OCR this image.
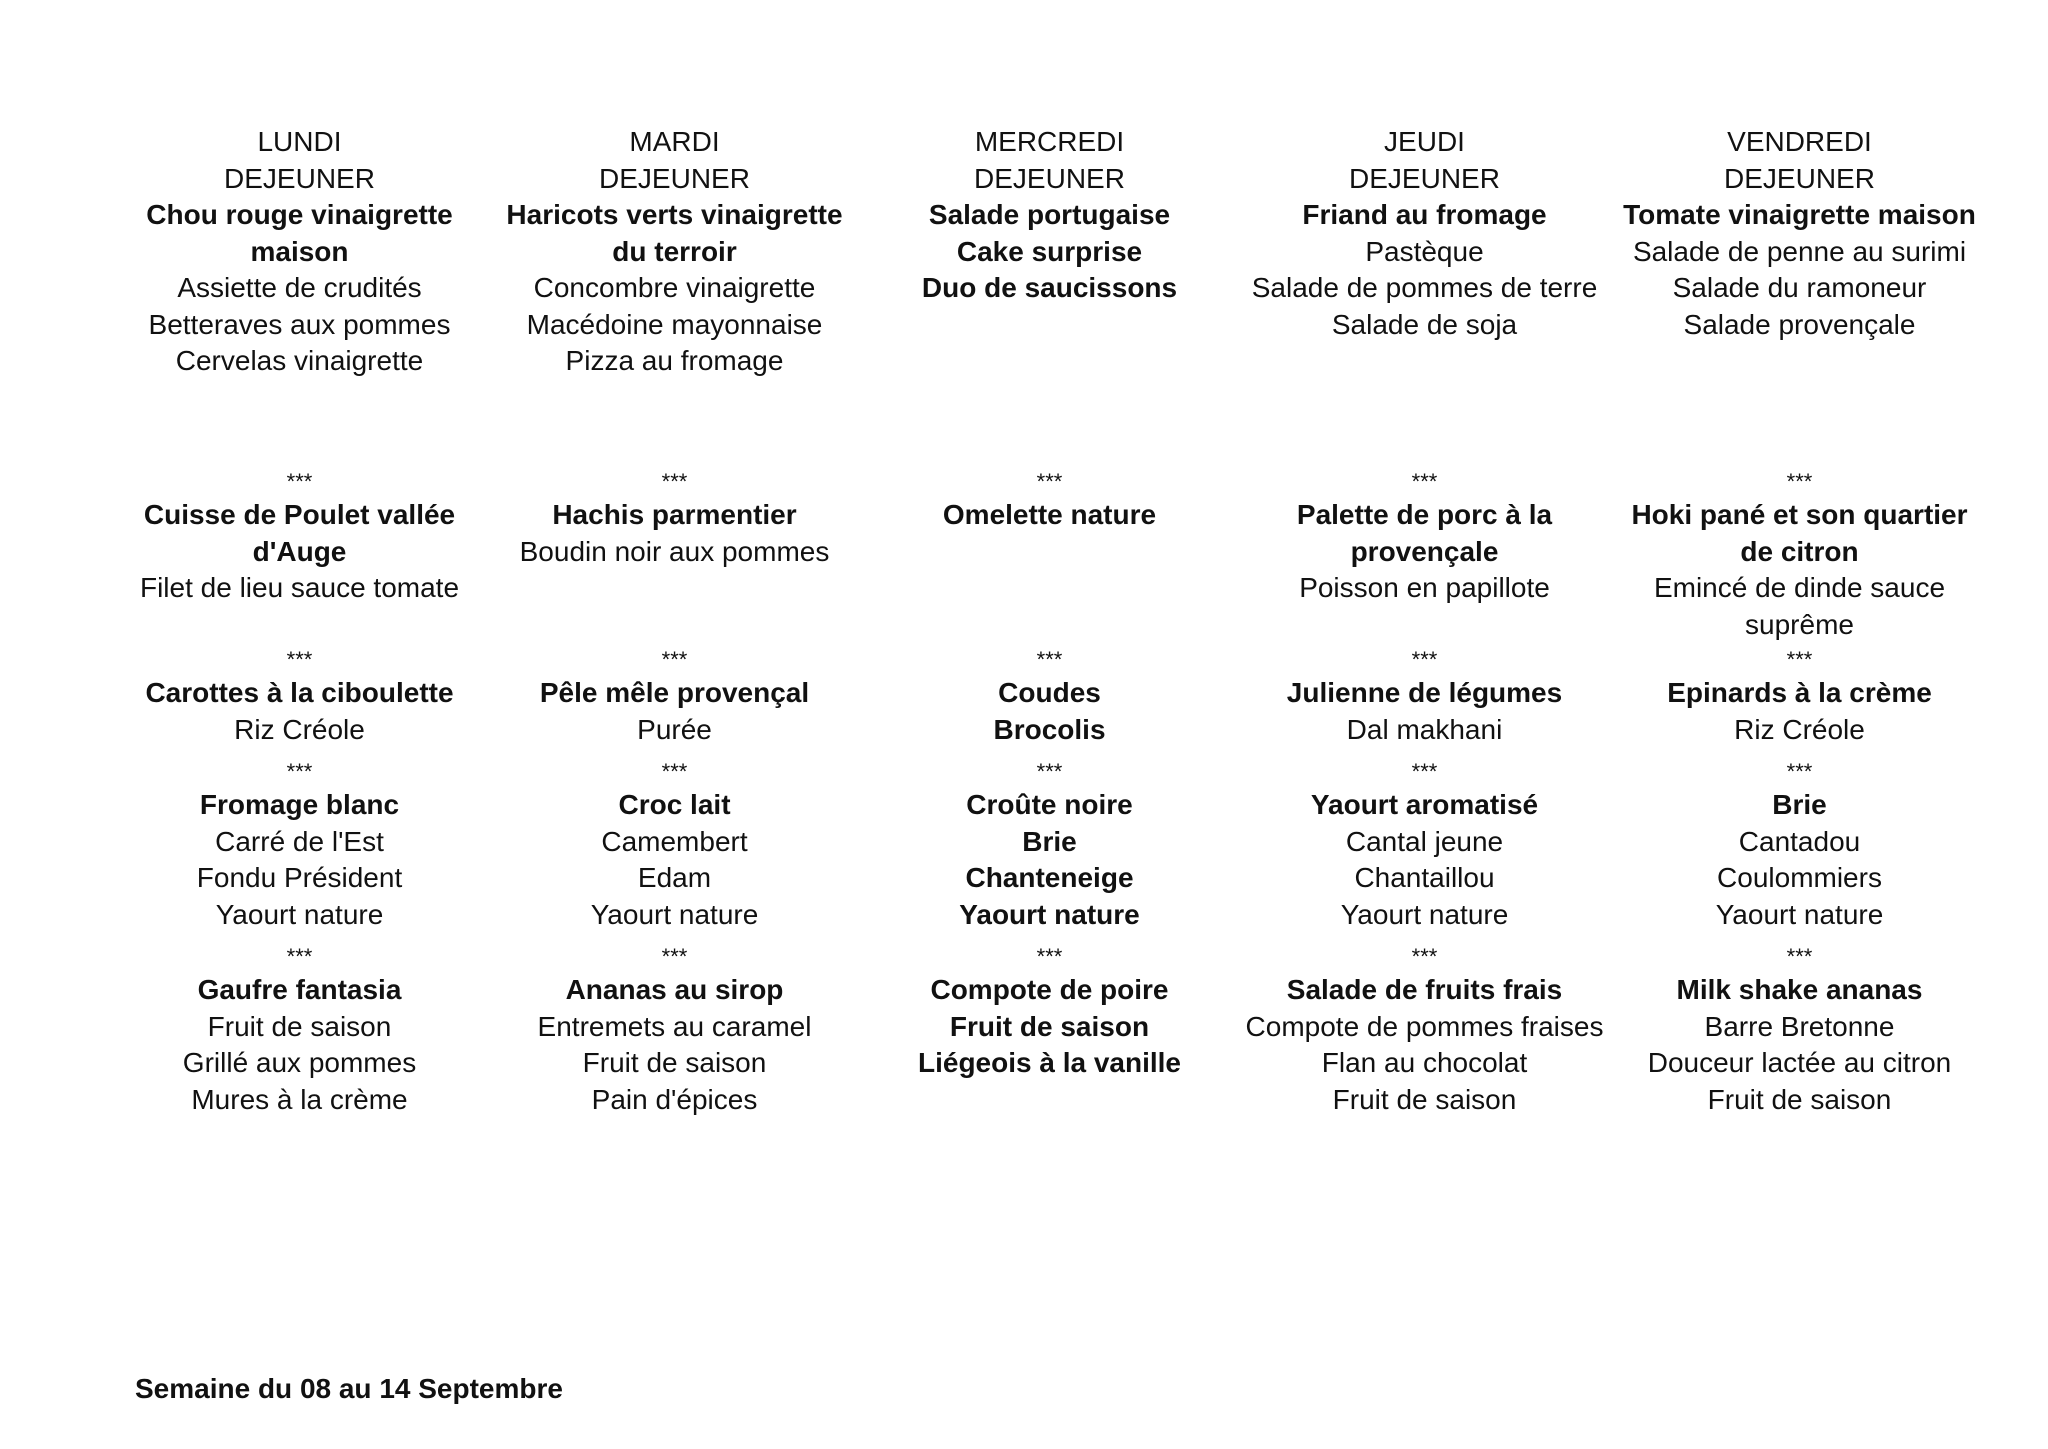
LUNDI
DEJEUNER
Chou rouge vinaigrette maison
Assiette de crudités
Betteraves aux pommes
Cervelas vinaigrette
***
Cuisse de Poulet vallée d'Auge
Filet de lieu sauce tomate
***
Carottes à la ciboulette
Riz Créole
***
Fromage blanc
Carré de l'Est
Fondu Président
Yaourt nature
***
Gaufre fantasia
Fruit de saison
Grillé aux pommes
Mures à la crème
MARDI
DEJEUNER
Haricots verts vinaigrette du terroir
Concombre vinaigrette
Macédoine mayonnaise
Pizza au fromage
***
Hachis parmentier
Boudin noir aux pommes
***
Pêle mêle provençal
Purée
***
Croc lait
Camembert
Edam
Yaourt nature
***
Ananas au sirop
Entremets au caramel
Fruit de saison
Pain d'épices
MERCREDI
DEJEUNER
Salade portugaise
Cake surprise
Duo de saucissons
***
Omelette nature
***
Coudes
Brocolis
***
Croûte noire
Brie
Chanteneige
Yaourt nature
***
Compote de poire
Fruit de saison
Liégeois à la vanille
JEUDI
DEJEUNER
Friand au fromage
Pastèque
Salade de pommes de terre
Salade de soja
***
Palette de porc à la provençale
Poisson en papillote
***
Julienne de légumes
Dal makhani
***
Yaourt aromatisé
Cantal jeune
Chantaillou
Yaourt nature
***
Salade de fruits frais
Compote de pommes fraises
Flan au chocolat
Fruit de saison
VENDREDI
DEJEUNER
Tomate vinaigrette maison
Salade de penne au surimi
Salade du ramoneur
Salade provençale
***
Hoki pané et son quartier de citron
Emincé de dinde sauce suprême
***
Epinards à la crème
Riz Créole
***
Brie
Cantadou
Coulommiers
Yaourt nature
***
Milk shake ananas
Barre Bretonne
Douceur lactée au citron
Fruit de saison
Semaine du 08 au 14 Septembre
